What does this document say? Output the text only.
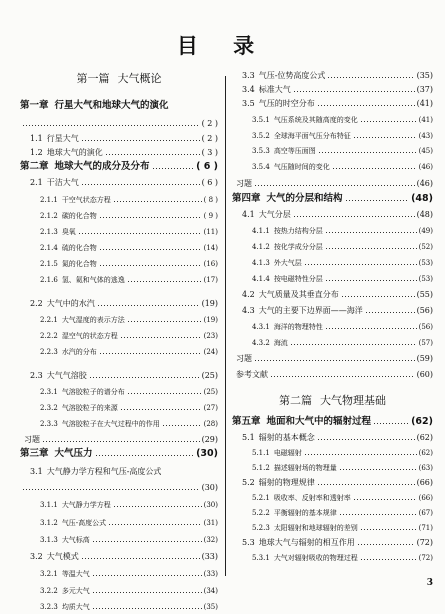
目 录
第一篇 大气概论
第一章 行星大气和地球大气的演化
( 2 )
1.1 行星大气	( 2 )
1.2 地球大气的演化	( 3 )
第二章 地球大气的成分及分布	( 6 )
2.1 干洁大气	( 6 )
2.1.1 干空气状态方程	( 8 )
2.1.2 碳的化合物	( 9 )
2.1.3 臭氧	(11)
2.1.4 硫的化合物	(14)
2.1.5 氮的化合物	(16)
2.1.6 氢、氦和气体的逃逸	(17)
2.2 大气中的水汽	(19)
2.2.1 大气湿度的表示方法	(19)
2.2.2 湿空气的状态方程	(23)
2.2.3 水汽的分布	(24)
2.3 大气气溶胶	(25)
2.3.1 气溶胶粒子的谱分布	(25)
2.3.2 气溶胶粒子的来源	(27)
2.3.3 气溶胶粒子在大气过程中的作用	(28)
习题	(29)
第三章 大气压力	(30)
3.1 大气静力学方程和气压-高度公式
(30)
3.1.1 大气静力学方程	(30)
3.1.2 气压-高度公式	(31)
3.1.3 大气标高	(32)
3.2 大气模式	(33)
3.2.1 等温大气	(33)
3.2.2 多元大气	(34)
3.2.3 均质大气	(35)
3.3 气压-位势高度公式	(35)
3.4 标准大气	(37)
3.5 气压的时空分布	(41)
3.5.1 气压系统及其随高度的变化	(41)
3.5.2 全球海平面气压分布特征	(43)
3.5.3 高空等压面图	(45)
3.5.4 气压随时间的变化	(46)
习题	(46)
第四章 大气的分层和结构	(48)
4.1 大气分层	(48)
4.1.1 按热力结构分层	(49)
4.1.2 按化学成分分层	(52)
4.1.3 外大气层	(53)
4.1.4 按电磁特性分层	(53)
4.2 大气质量及其垂直分布	(55)
4.3 大气的主要下边界面——海洋	(56)
4.3.1 海洋的物理特性	(56)
4.3.2 海流	(57)
习题	(59)
参考文献	(60)
第二篇 大气物理基础
第五章 地面和大气中的辐射过程	(62)
5.1 辐射的基本概念	(62)
5.1.1 电磁辐射	(62)
5.1.2 描述辐射场的物理量	(63)
5.2 辐射的物理规律	(66)
5.2.1 吸收率、反射率和透射率	(66)
5.2.2 平衡辐射的基本规律	(67)
5.2.3 太阳辐射和地球辐射的差别	(71)
5.3 地球大气与辐射的相互作用	(72)
5.3.1 大气对辐射吸收的物理过程	(72)
3
